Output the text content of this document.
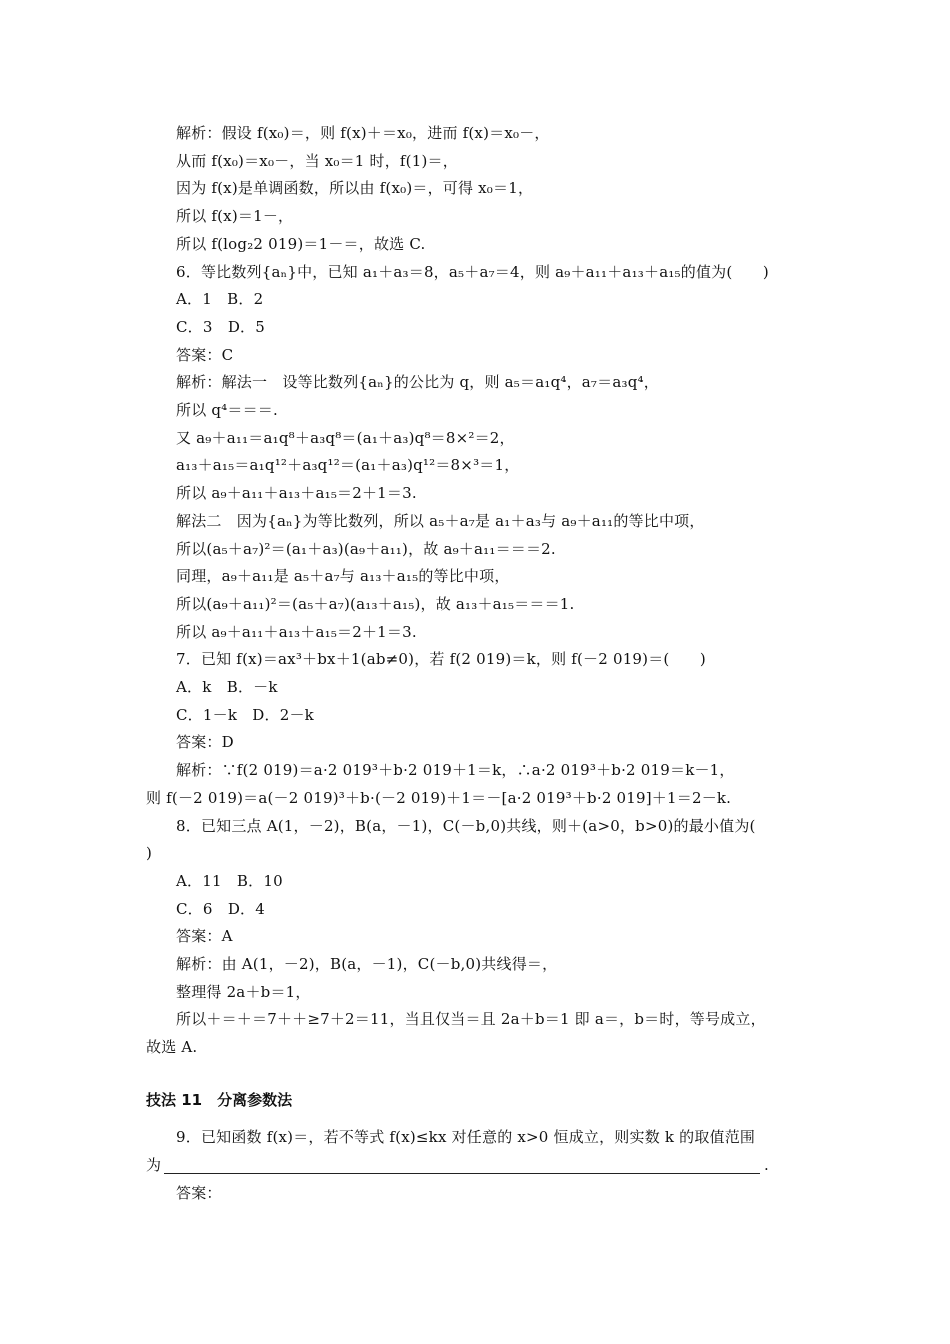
解析：假设 f(x₀)＝，则 f(x)＋＝x₀，进而 f(x)＝x₀－，
从而 f(x₀)＝x₀－，当 x₀＝1 时，f(1)＝，
因为 f(x)是单调函数，所以由 f(x₀)＝，可得 x₀＝1，
所以 f(x)＝1－，
所以 f(log₂2 019)＝1－＝，故选 C.
6．等比数列{aₙ}中，已知 a₁＋a₃＝8，a₅＋a₇＝4，则 a₉＋a₁₁＋a₁₃＋a₁₅的值为(　　)
A．1　B．2
C．3　D．5
答案：C
解析：解法一　设等比数列{aₙ}的公比为 q，则 a₅＝a₁q⁴，a₇＝a₃q⁴，
所以 q⁴＝＝＝.
又 a₉＋a₁₁＝a₁q⁸＋a₃q⁸＝(a₁＋a₃)q⁸＝8×²＝2，
a₁₃＋a₁₅＝a₁q¹²＋a₃q¹²＝(a₁＋a₃)q¹²＝8×³＝1，
所以 a₉＋a₁₁＋a₁₃＋a₁₅＝2＋1＝3.
解法二　因为{aₙ}为等比数列，所以 a₅＋a₇是 a₁＋a₃与 a₉＋a₁₁的等比中项，
所以(a₅＋a₇)²＝(a₁＋a₃)(a₉＋a₁₁)，故 a₉＋a₁₁＝＝＝2.
同理，a₉＋a₁₁是 a₅＋a₇与 a₁₃＋a₁₅的等比中项，
所以(a₉＋a₁₁)²＝(a₅＋a₇)(a₁₃＋a₁₅)，故 a₁₃＋a₁₅＝＝＝1.
所以 a₉＋a₁₁＋a₁₃＋a₁₅＝2＋1＝3.
7．已知 f(x)＝ax³＋bx＋1(ab≠0)，若 f(2 019)＝k，则 f(－2 019)＝(　　)
A．k　B．－k
C．1－k　D．2－k
答案：D
解析：∵f(2 019)＝a·2 019³＋b·2 019＋1＝k，∴a·2 019³＋b·2 019＝k－1，
则 f(－2 019)＝a(－2 019)³＋b·(－2 019)＋1＝－[a·2 019³＋b·2 019]＋1＝2－k.
8．已知三点 A(1，－2)，B(a，－1)，C(－b,0)共线，则＋(a>0，b>0)的最小值为(
)
A．11　B．10
C．6　D．4
答案：A
解析：由 A(1，－2)，B(a，－1)，C(－b,0)共线得＝，
整理得 2a＋b＝1，
所以＋＝＋＝7＋＋≥7＋2＝11，当且仅当＝且 2a＋b＝1 即 a＝，b＝时，等号成立，
故选 A.
技法 11　分离参数法
9．已知函数 f(x)＝，若不等式 f(x)≤kx 对任意的 x>0 恒成立，则实数 k 的取值范围
为	.
答案：
